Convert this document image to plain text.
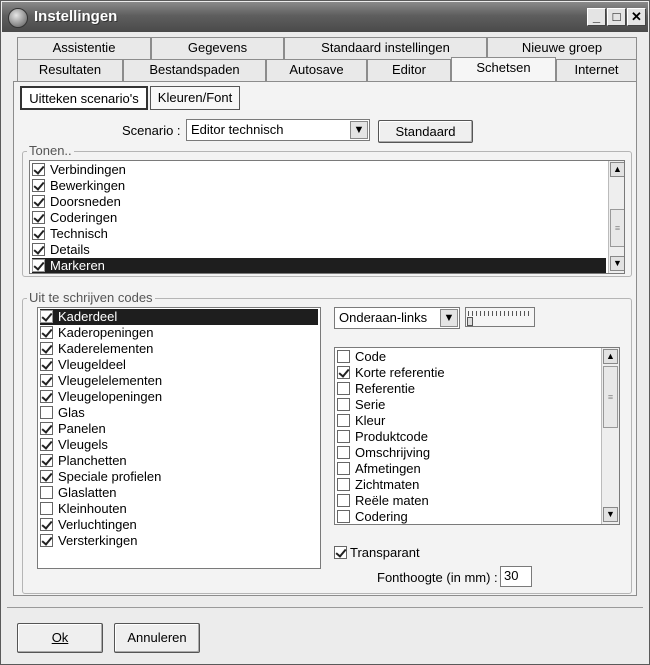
Instellingen	_ □ ✕
Assistentie	Gegevens	Standaard instellingen	Nieuwe groep
Resultaten	Bestandspaden	Autosave	Editor	Schetsen	Internet
Uitteken scenario's	Kleuren/Font
Scenario : Editor technisch	▼	Standaard
Tonen..
Verbindingen
Bewerkingen
Doorsneden
Coderingen
Technisch
Details
Markeren
▲
≡
▼
Uit te schrijven codes
Kaderdeel
Kaderopeningen
Kaderelementen
Vleugeldeel
Vleugelelementen
Vleugelopeningen
Glas
Panelen
Vleugels
Planchetten
Speciale profielen
Glaslatten
Kleinhouten
Verluchtingen
Versterkingen
Onderaan-links	▼
Code
Korte referentie
Referentie
Serie
Kleur
Produktcode
Omschrijving
Afmetingen
Zichtmaten
Reële maten
Codering
▲
≡
▼
Transparant
Fonthoogte (in mm) : 30
Ok	Annuleren
